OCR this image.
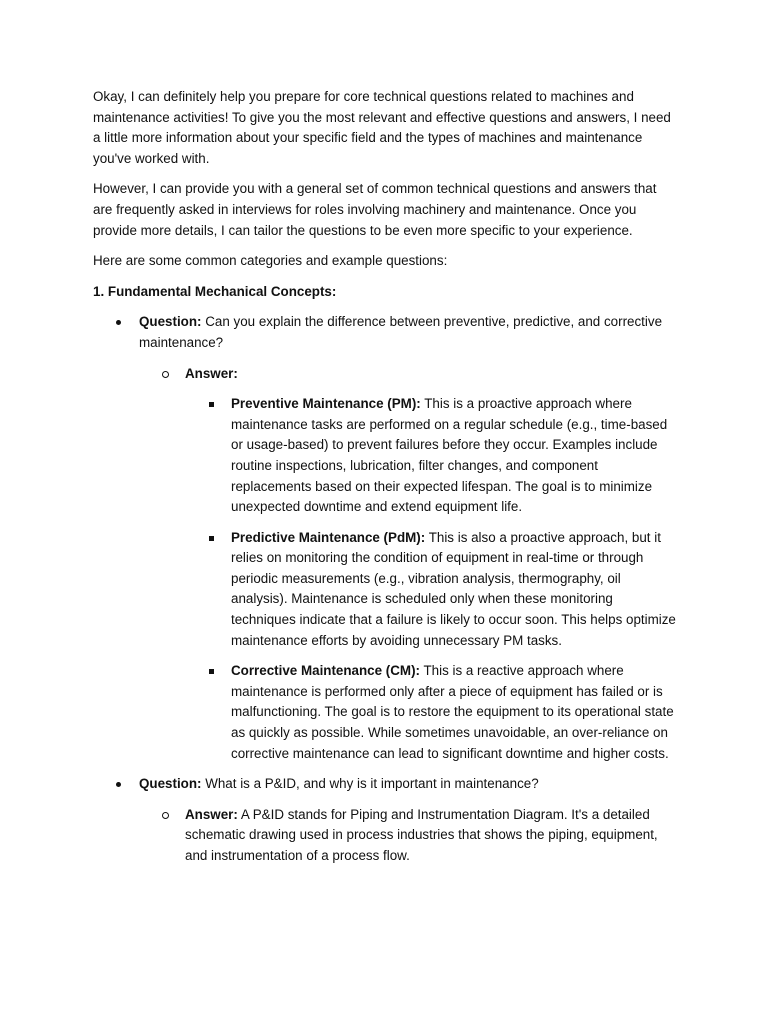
Okay, I can definitely help you prepare for core technical questions related to machines and maintenance activities! To give you the most relevant and effective questions and answers, I need a little more information about your specific field and the types of machines and maintenance you've worked with.

However, I can provide you with a general set of common technical questions and answers that are frequently asked in interviews for roles involving machinery and maintenance. Once you provide more details, I can tailor the questions to be even more specific to your experience.

Here are some common categories and example questions:

1. Fundamental Mechanical Concepts:

Question: Can you explain the difference between preventive, predictive, and corrective maintenance?
Answer:
Preventive Maintenance (PM): This is a proactive approach where maintenance tasks are performed on a regular schedule (e.g., time-based or usage-based) to prevent failures before they occur. Examples include routine inspections, lubrication, filter changes, and component replacements based on their expected lifespan. The goal is to minimize unexpected downtime and extend equipment life.
Predictive Maintenance (PdM): This is also a proactive approach, but it relies on monitoring the condition of equipment in real-time or through periodic measurements (e.g., vibration analysis, thermography, oil analysis). Maintenance is scheduled only when these monitoring techniques indicate that a failure is likely to occur soon. This helps optimize maintenance efforts by avoiding unnecessary PM tasks.
Corrective Maintenance (CM): This is a reactive approach where maintenance is performed only after a piece of equipment has failed or is malfunctioning. The goal is to restore the equipment to its operational state as quickly as possible. While sometimes unavoidable, an over-reliance on corrective maintenance can lead to significant downtime and higher costs.
Question: What is a P&ID, and why is it important in maintenance?
Answer: A P&ID stands for Piping and Instrumentation Diagram. It's a detailed schematic drawing used in process industries that shows the piping, equipment, and instrumentation of a process flow.
